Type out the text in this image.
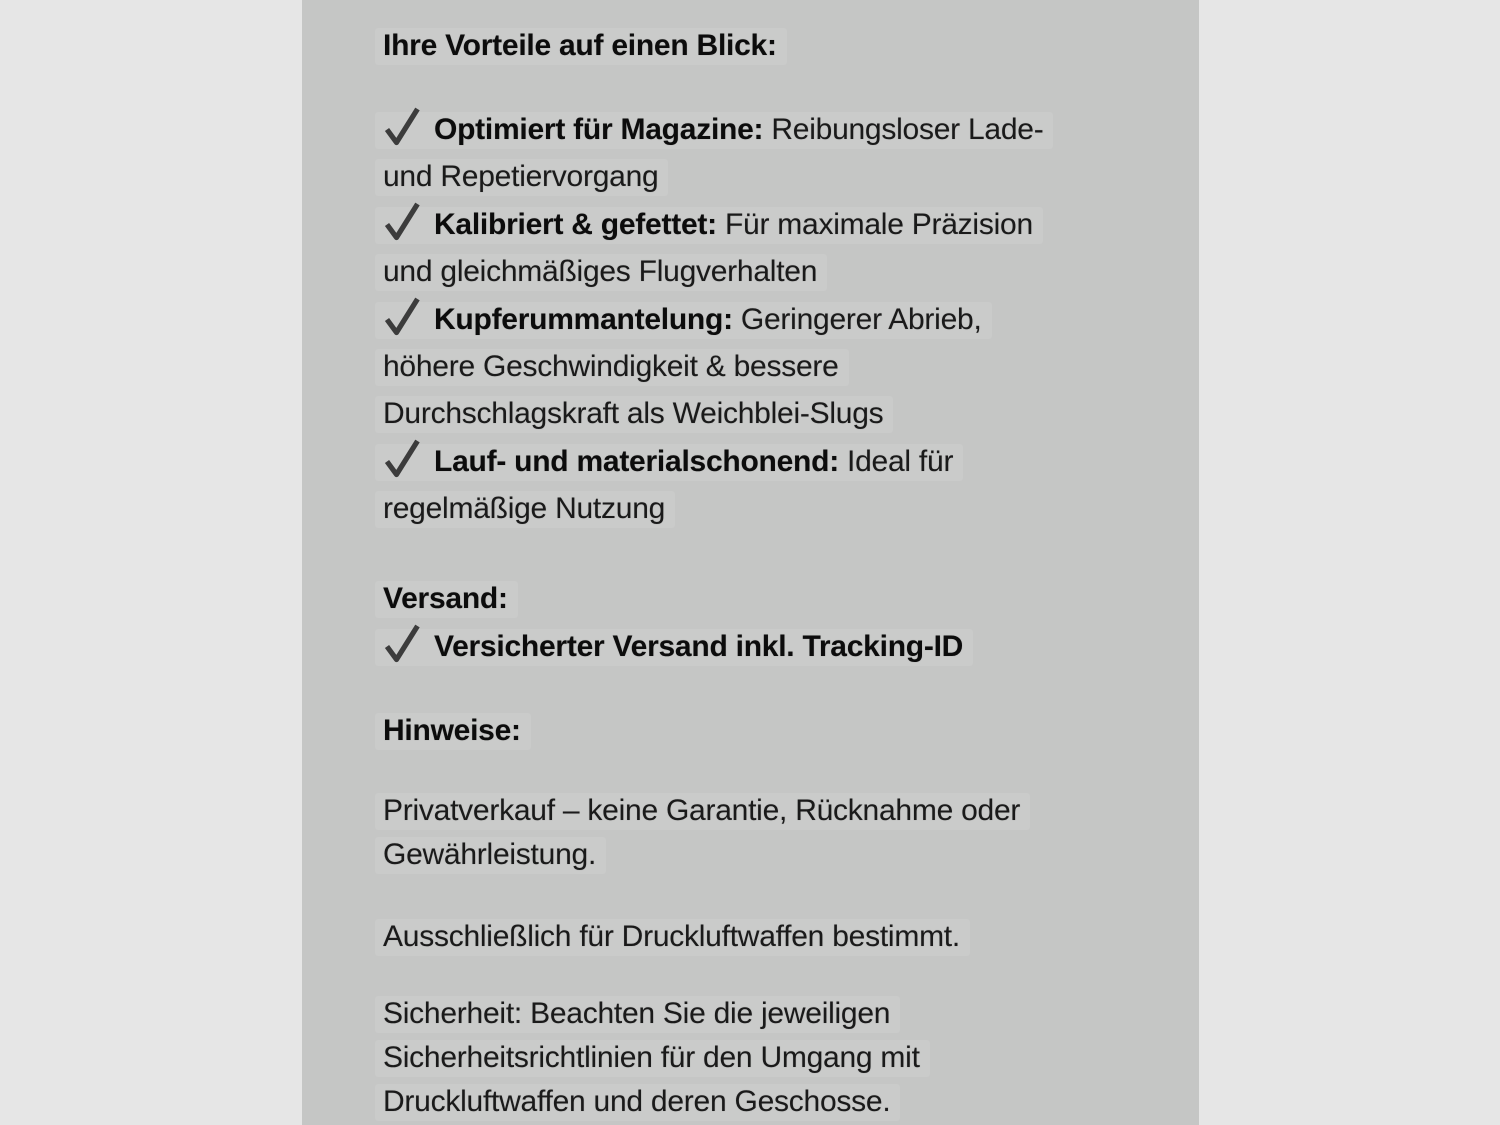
Ihre Vorteile auf einen Blick:
Optimiert für Magazine: Reibungsloser Lade-
und Repetiervorgang
Kalibriert & gefettet: Für maximale Präzision
und gleichmäßiges Flugverhalten
Kupferummantelung: Geringerer Abrieb,
höhere Geschwindigkeit & bessere
Durchschlagskraft als Weichblei-Slugs
Lauf- und materialschonend: Ideal für
regelmäßige Nutzung
Versand:
Versicherter Versand inkl. Tracking-ID
Hinweise:
Privatverkauf – keine Garantie, Rücknahme oder
Gewährleistung.
Ausschließlich für Druckluftwaffen bestimmt.
Sicherheit: Beachten Sie die jeweiligen
Sicherheitsrichtlinien für den Umgang mit
Druckluftwaffen und deren Geschosse.
